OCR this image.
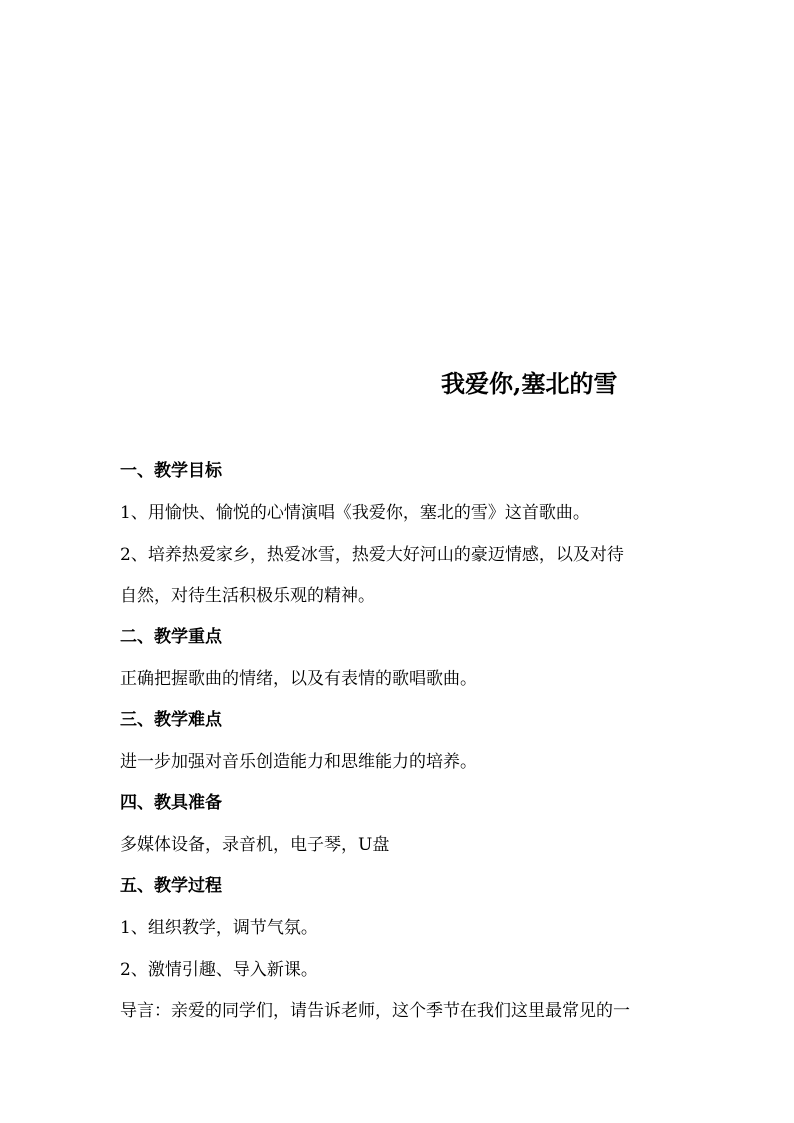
我爱你,塞北的雪
一、教学目标
1、用愉快、愉悦的心情演唱《我爱你，塞北的雪》这首歌曲。
2、培养热爱家乡，热爱冰雪，热爱大好河山的豪迈情感，以及对待
自然，对待生活积极乐观的精神。
二、教学重点
正确把握歌曲的情绪，以及有表情的歌唱歌曲。
三、教学难点
进一步加强对音乐创造能力和思维能力的培养。
四、教具准备
多媒体设备，录音机，电子琴，U盘
五、教学过程
1、组织教学，调节气氛。
2、激情引趣、导入新课。
导言：亲爱的同学们，请告诉老师，这个季节在我们这里最常见的一
